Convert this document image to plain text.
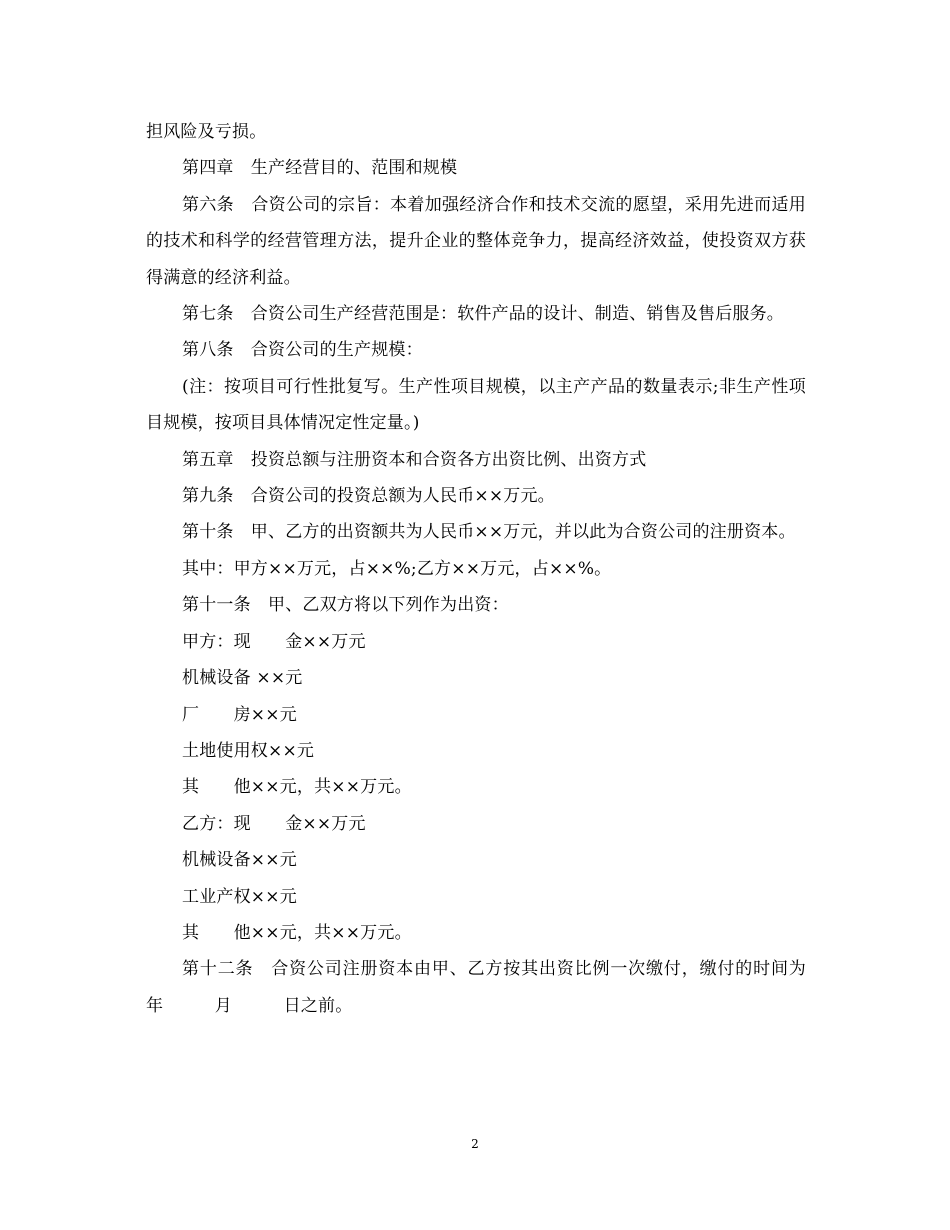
担风险及亏损。

第四章　生产经营目的、范围和规模

第六条　合资公司的宗旨：本着加强经济合作和技术交流的愿望，采用先进而适用的技术和科学的经营管理方法，提升企业的整体竞争力，提高经济效益，使投资双方获得满意的经济利益。

第七条　合资公司生产经营范围是：软件产品的设计、制造、销售及售后服务。

第八条　合资公司的生产规模：

(注：按项目可行性批复写。生产性项目规模，以主产产品的数量表示;非生产性项目规模，按项目具体情况定性定量。)

第五章　投资总额与注册资本和合资各方出资比例、出资方式

第九条　合资公司的投资总额为人民币××万元。

第十条　甲、乙方的出资额共为人民币××万元，并以此为合资公司的注册资本。

其中：甲方××万元，占××%;乙方××万元，占××%。

第十一条　甲、乙双方将以下列作为出资：

甲方：现　　金××万元

机械设备 ××元

厂　　房××元

土地使用权××元

其　　他××元，共××万元。

乙方：现　　金××万元

机械设备××元

工业产权××元

其　　他××元，共××万元。

第十二条　合资公司注册资本由甲、乙方按其出资比例一次缴付，缴付的时间为　　年　　　月　　　日之前。

2
